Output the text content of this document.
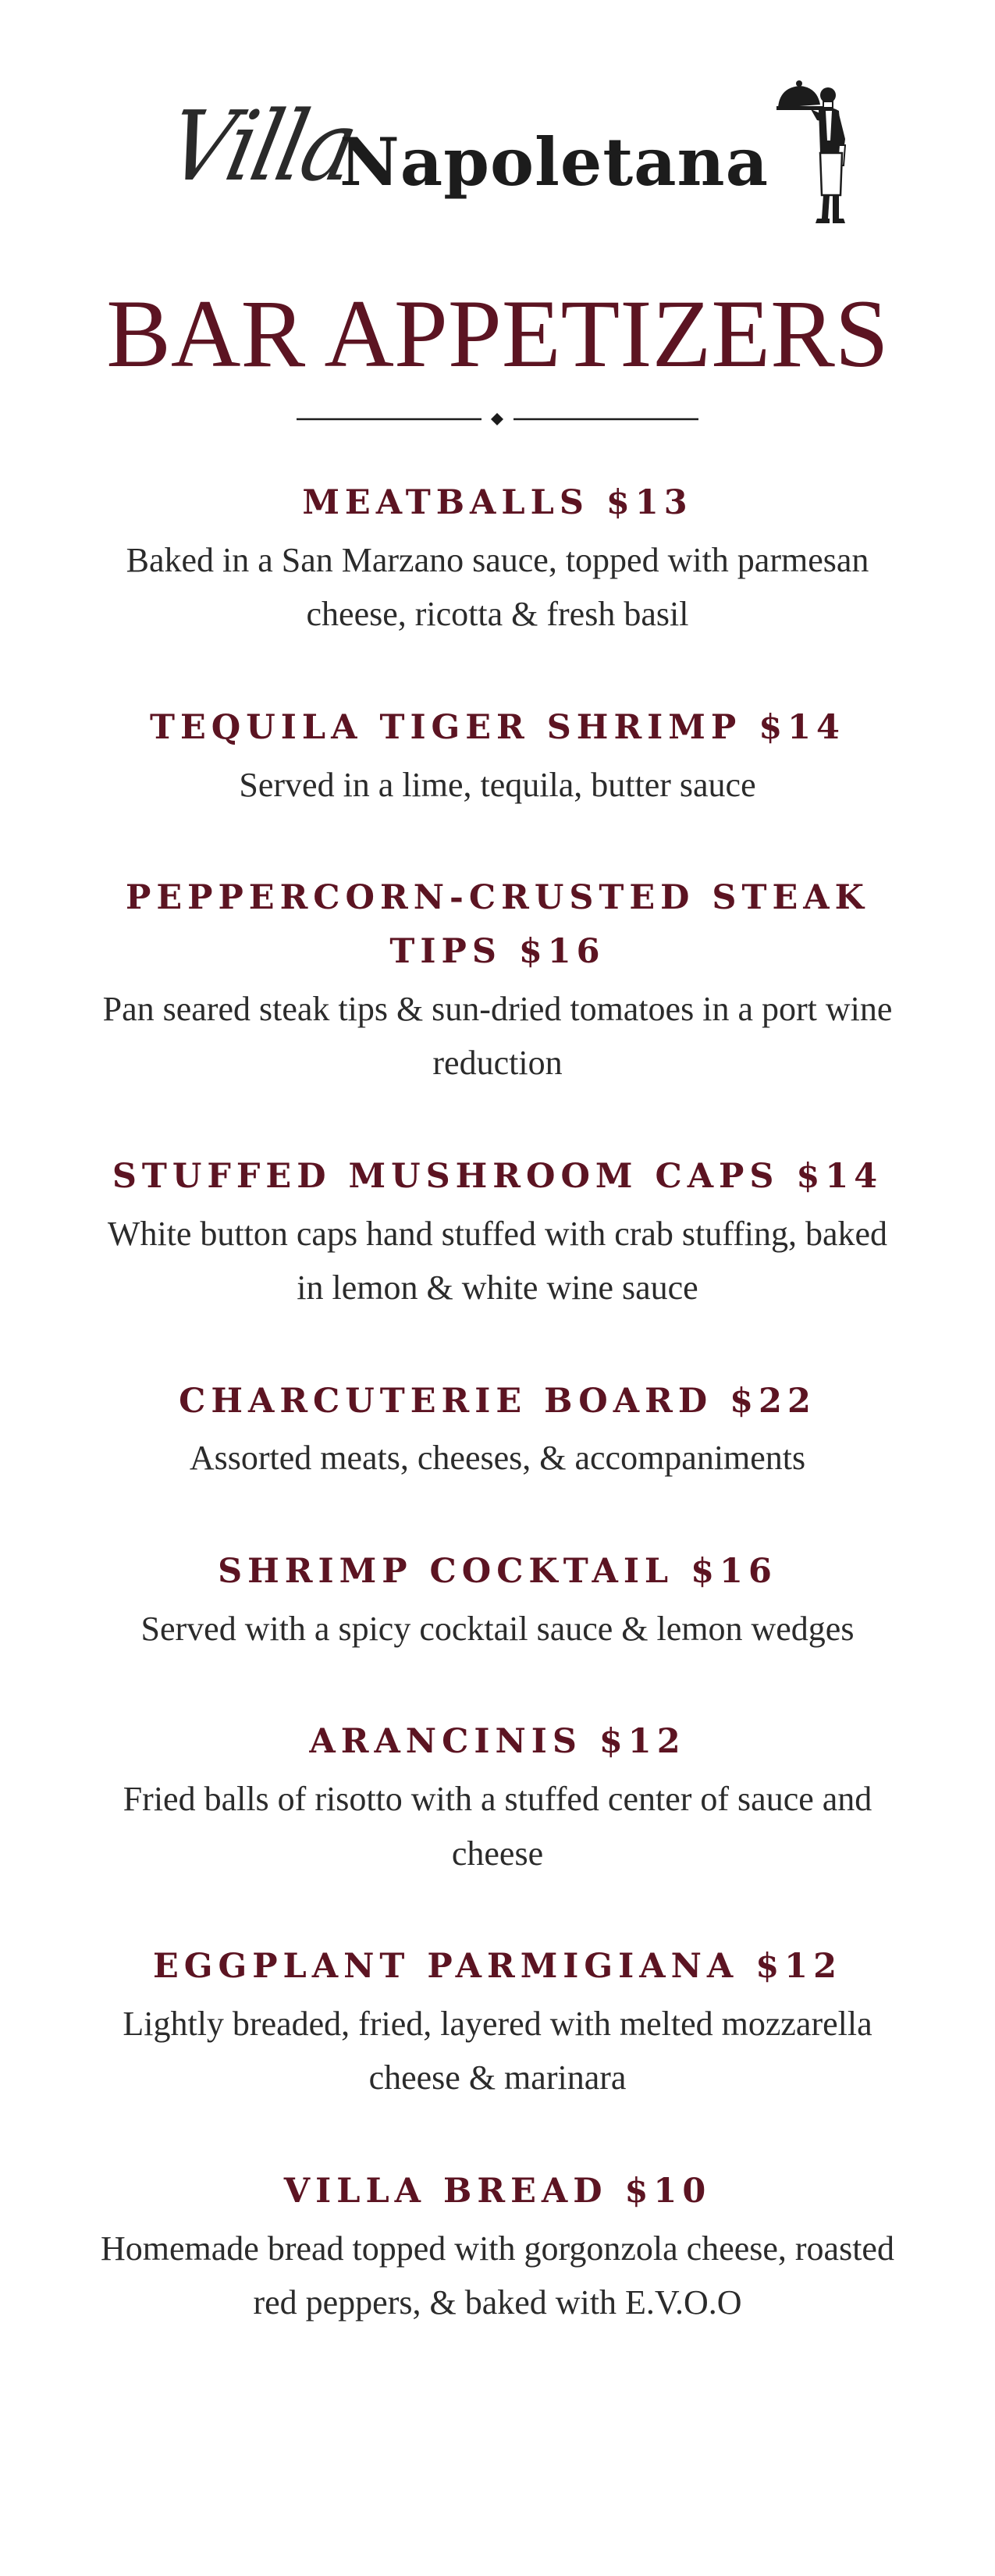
Villa
Napoletana
BAR APPETIZERS

MEATBALLS $13

Baked in a San Marzano sauce, topped with parmesan cheese, ricotta & fresh basil

TEQUILA TIGER SHRIMP $14

Served in a lime, tequila, butter sauce

PEPPERCORN-CRUSTED STEAK TIPS $16

Pan seared steak tips & sun-dried tomatoes in a port wine reduction

STUFFED MUSHROOM CAPS $14

White button caps hand stuffed with crab stuffing, baked in lemon & white wine sauce

CHARCUTERIE BOARD $22

Assorted meats, cheeses, & accompaniments

SHRIMP COCKTAIL $16

Served with a spicy cocktail sauce & lemon wedges

ARANCINIS $12

Fried balls of risotto with a stuffed center of sauce and cheese

EGGPLANT PARMIGIANA $12

Lightly breaded, fried, layered with melted mozzarella cheese & marinara

VILLA BREAD $10

Homemade bread topped with gorgonzola cheese, roasted red peppers, & baked with E.V.O.O
